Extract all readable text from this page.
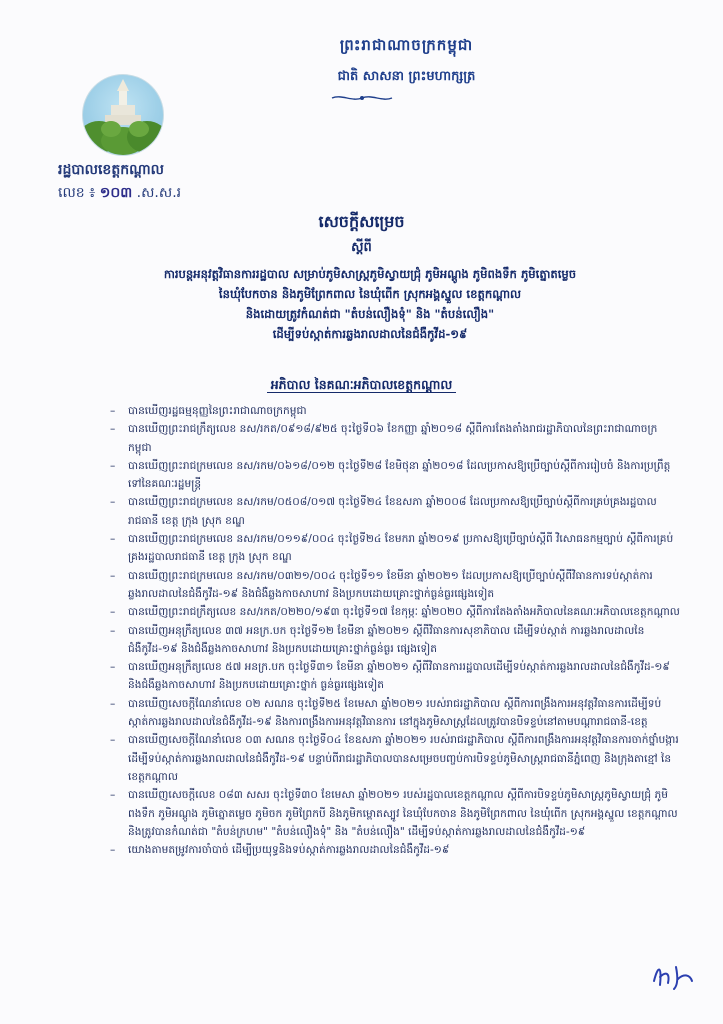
ព្រះរាជាណាចក្រកម្ពុជា
ជាតិ សាសនា ព្រះមហាក្សត្រ
រដ្ឋបាលខេត្តកណ្ដាល
លេខ ៖ ១០៣ .ស.ស.រ
សេចក្តីសម្រេច
ស្តីពី
ការបន្តអនុវត្តវិធានការរដ្ឋបាល សម្រាប់ភូមិសាស្ត្រភូមិស្វាយជ្រុំ ភូមិអណ្តូង ភូមិពងទឹក ភូមិត្នោតម្លេច
នៃឃុំបែកចាន និងភូមិព្រែកពាល នៃឃុំពើក ស្រុកអង្គស្នួល ខេត្តកណ្តាល
និងដោយត្រូវកំណត់ជា "តំបន់លឿងទុំ" និង "តំបន់លឿង"
ដើម្បីទប់ស្កាត់ការឆ្លងរាលដាលនៃជំងឺកូវីដ-១៩
អភិបាល នៃគណៈអភិបាលខេត្តកណ្តាល
– បានឃើញរដ្ឋធម្មនុញ្ញនៃព្រះរាជាណាចក្រកម្ពុជា
– បានឃើញព្រះរាជក្រឹត្យលេខ នស/រកត/០៩១៨/៩២៥ ចុះថ្ងៃទី០៦ ខែកញ្ញា ឆ្នាំ២០១៨ ស្តីពីការតែងតាំងរាជរដ្ឋាភិបាលនៃព្រះរាជាណាចក្រកម្ពុជា
– បានឃើញព្រះរាជក្រមលេខ នស/រកម/០៦១៨/០១២ ចុះថ្ងៃទី២៨ ខែមិថុនា ឆ្នាំ២០១៨ ដែលប្រកាសឱ្យប្រើច្បាប់ស្តីពីការរៀបចំ និងការប្រព្រឹត្តទៅនៃគណៈរដ្ឋមន្ត្រី
– បានឃើញព្រះរាជក្រមលេខ នស/រកម/០៥០៨/០១៧ ចុះថ្ងៃទី២៤ ខែឧសភា ឆ្នាំ២០០៨ ដែលប្រកាសឱ្យប្រើច្បាប់ស្តីពីការគ្រប់គ្រងរដ្ឋបាលរាជធានី ខេត្ត ក្រុង ស្រុក ខណ្ឌ
– បានឃើញព្រះរាជក្រមលេខ នស/រកម/០១១៩/០០៤ ចុះថ្ងៃទី២៤ ខែមករា ឆ្នាំ២០១៩ ប្រកាសឱ្យប្រើច្បាប់ស្តីពី វិសោធនកម្មច្បាប់ ស្តីពីការគ្រប់គ្រងរដ្ឋបាលរាជធានី ខេត្ត ក្រុង ស្រុក ខណ្ឌ
– បានឃើញព្រះរាជក្រមលេខ នស/រកម/០៣២១/០០៤ ចុះថ្ងៃទី១១ ខែមីនា ឆ្នាំ២០២១ ដែលប្រកាសឱ្យប្រើច្បាប់ស្តីពីវិធានការទប់ស្កាត់ការឆ្លងរាលដាលនៃជំងឺកូវីដ-១៩ និងជំងឺឆ្លងកាចសាហាវ និងប្រកបដោយគ្រោះថ្នាក់ធ្ងន់ធ្ងរផ្សេងទៀត
– បានឃើញព្រះរាជក្រឹត្យលេខ នស/រកត/០២២០/១៩៣ ចុះថ្ងៃទី១៧ ខែកុម្ភៈ ឆ្នាំ២០២០ ស្តីពីការតែងតាំងអភិបាលនៃគណៈអភិបាលខេត្តកណ្តាល
– បានឃើញអនុក្រឹត្យលេខ ៣៧ អនក្រ.បក ចុះថ្ងៃទី១២ ខែមីនា ឆ្នាំ២០២១ ស្តីពីវិធានការសុខាភិបាល ដើម្បីទប់ស្កាត់ ការឆ្លងរាលដាលនៃជំងឺកូវីដ-១៩ និងជំងឺឆ្លងកាចសាហាវ និងប្រកបដោយគ្រោះថ្នាក់ធ្ងន់ធ្ងរ ផ្សេងទៀត
– បានឃើញអនុក្រឹត្យលេខ ៥៧ អនក្រ.បក ចុះថ្ងៃទី៣១ ខែមីនា ឆ្នាំ២០២១ ស្តីពីវិធានការរដ្ឋបាលដើម្បីទប់ស្កាត់ការឆ្លងរាលដាលនៃជំងឺកូវីដ-១៩ និងជំងឺឆ្លងកាចសាហាវ និងប្រកបដោយគ្រោះថ្នាក់ ធ្ងន់ធ្ងរផ្សេងទៀត
– បានឃើញសេចក្តីណែនាំលេខ ០២ សណន ចុះថ្ងៃទី២៥ ខែមេសា ឆ្នាំ២០២១ របស់រាជរដ្ឋាភិបាល ស្តីពីការពង្រឹងការអនុវត្តវិធានការដើម្បីទប់ស្កាត់ការឆ្លងរាលដាលនៃជំងឺកូវីដ-១៩ និងការពង្រឹងការអនុវត្តវិធានការ នៅក្នុងភូមិសាស្ត្រដែលត្រូវបានបិទខ្ទប់នៅតាមបណ្តារាជធានី-ខេត្ត
– បានឃើញសេចក្តីណែនាំលេខ ០៣ សណន ចុះថ្ងៃទី០៤ ខែឧសភា ឆ្នាំ២០២១ របស់រាជរដ្ឋាភិបាល ស្តីពីការពង្រឹងការអនុវត្តវិធានការចាក់ថ្នាំបង្ការ ដើម្បីទប់ស្កាត់ការឆ្លងរាលដាលនៃជំងឺកូវីដ-១៩ បន្ទាប់ពីរាជរដ្ឋាភិបាលបានសម្រេចបញ្ចប់ការបិទខ្ទប់ភូមិសាស្ត្ររាជធានីភ្នំពេញ និងក្រុងតាខ្មៅ នៃខេត្តកណ្តាល
– បានឃើញសេចក្តីលេខ ០៨៣ សសរ ចុះថ្ងៃទី៣០ ខែមេសា ឆ្នាំ២០២១ របស់រដ្ឋបាលខេត្តកណ្តាល ស្តីពីការបិទខ្ទប់ភូមិសាស្ត្រភូមិស្វាយជ្រុំ ភូមិពងទឹក ភូមិអណ្តូង ភូមិត្នោតម្លេច ភូមិចក ភូមិព្រែកបី និងភូមិកម្ពោតស្បូវ នៃឃុំបែកចាន និងភូមិព្រែកពាល នៃឃុំពើក ស្រុកអង្គស្នួល ខេត្តកណ្តាល និងត្រូវបានកំណត់ជា "តំបន់ក្រហម" "តំបន់លឿងទុំ" និង "តំបន់លឿង" ដើម្បីទប់ស្កាត់ការឆ្លងរាលដាលនៃជំងឺកូវីដ-១៩
– យោងតាមតម្រូវការចាំបាច់ ដើម្បីប្រយុទ្ធនិងទប់ស្កាត់ការឆ្លងរាលដាលនៃជំងឺកូវីដ-១៩
